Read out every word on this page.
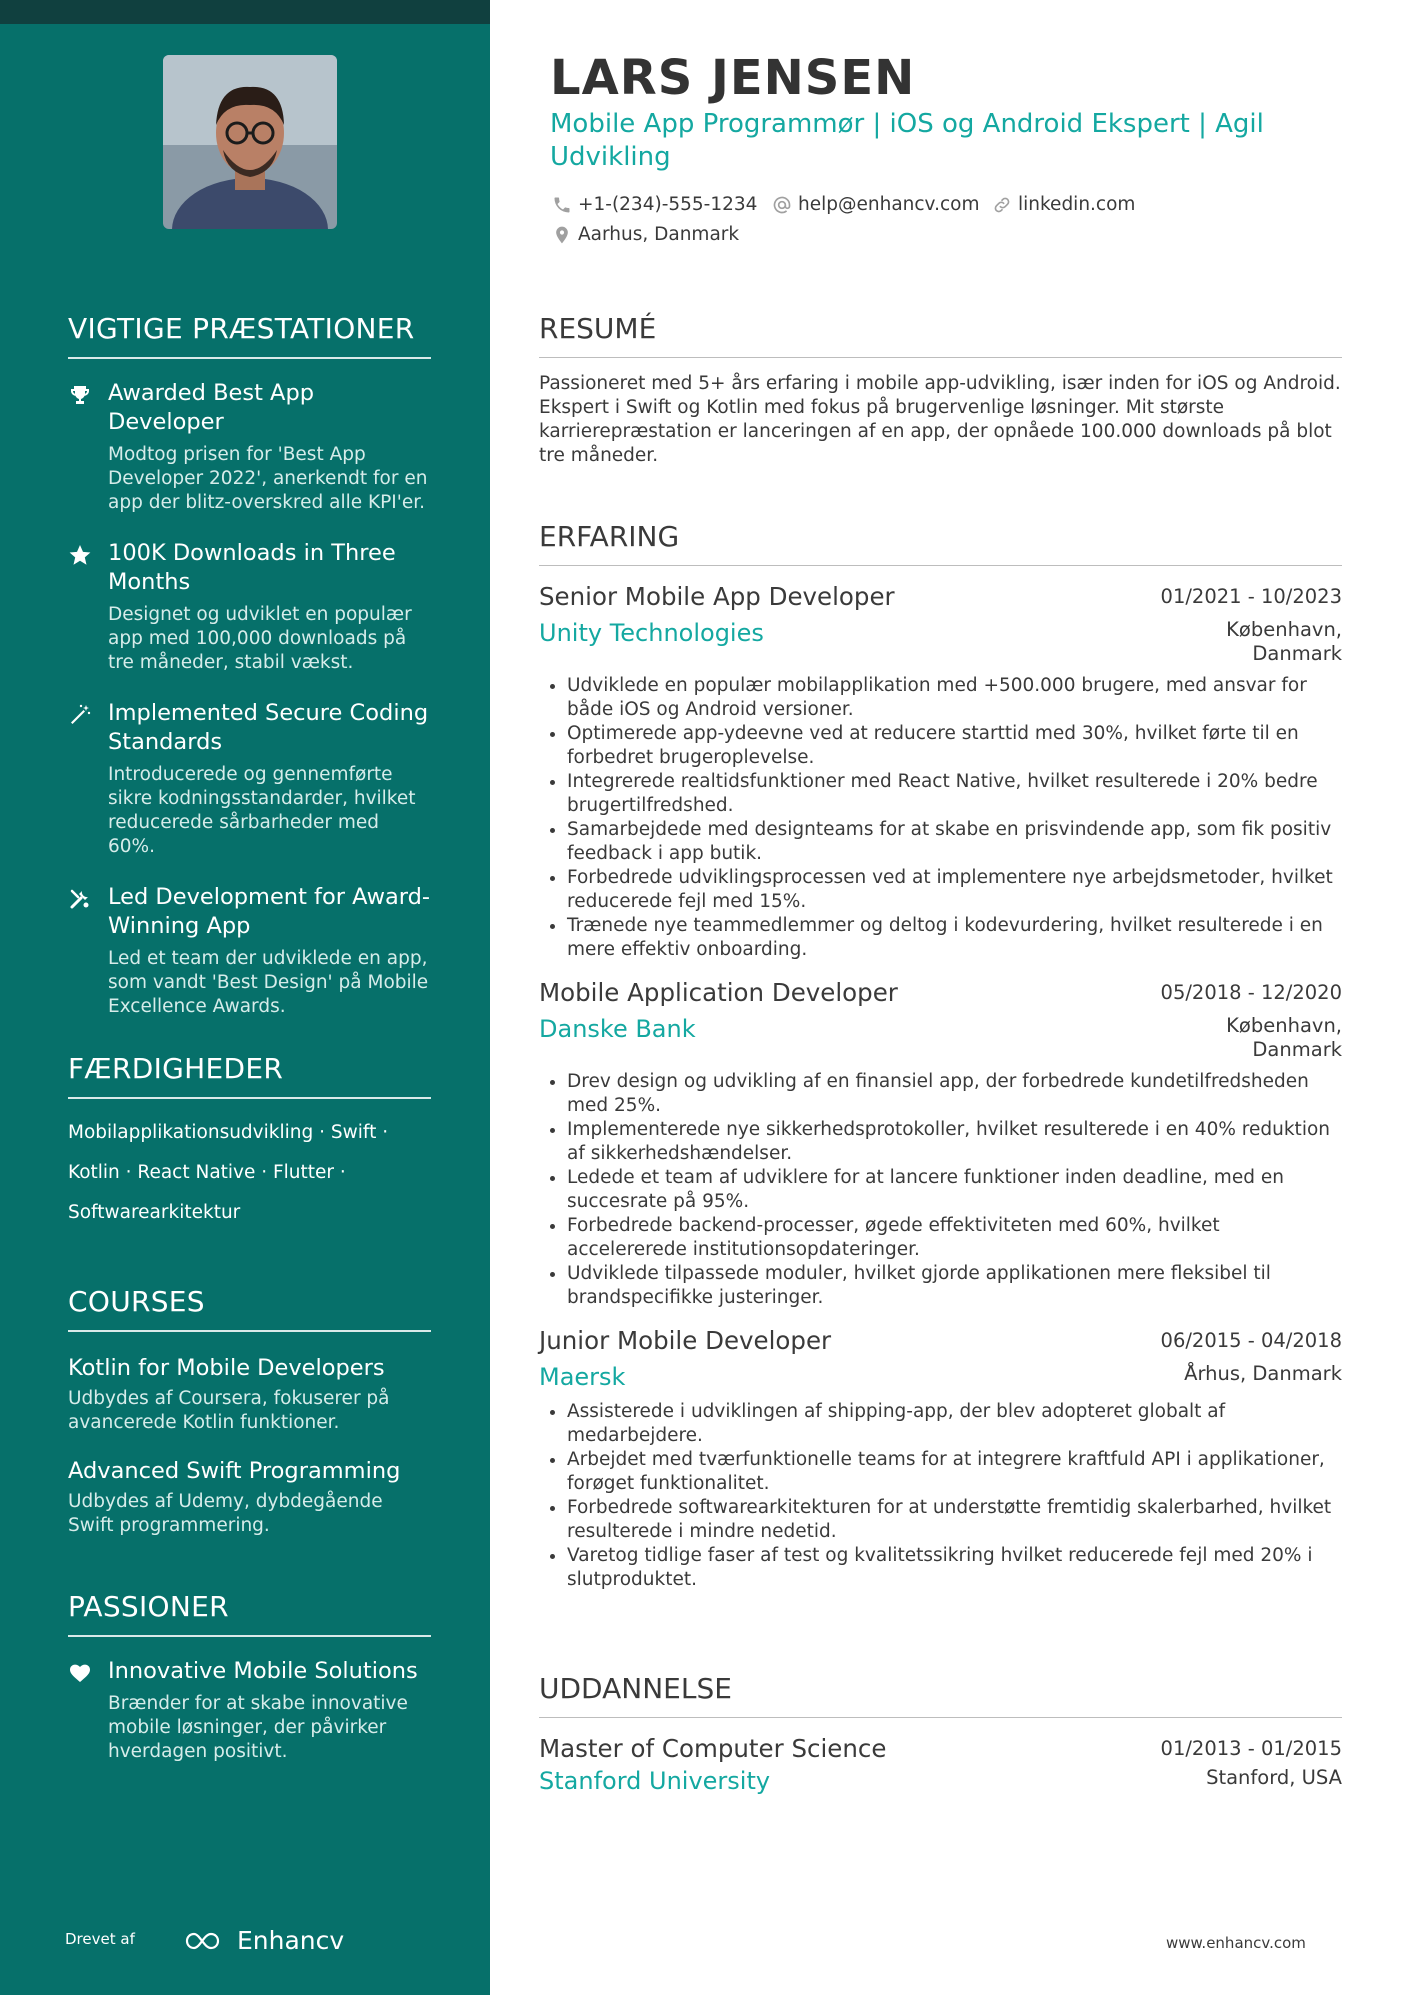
VIGTIGE PRÆSTATIONER
Awarded Best App Developer
Modtog prisen for 'Best App Developer 2022', anerkendt for en app der blitz-overskred alle KPI'er.
100K Downloads in Three Months
Designet og udviklet en populær app med 100,000 downloads på tre måneder, stabil vækst.
Implemented Secure Coding Standards
Introducerede og gennemførte sikre kodningsstandarder, hvilket reducerede sårbarheder med 60%.
Led Development for Award-Winning App
Led et team der udviklede en app, som vandt 'Best Design' på Mobile Excellence Awards.
FÆRDIGHEDER
Mobilapplikationsudvikling · Swift ·
Kotlin · React Native · Flutter ·
Softwarearkitektur
COURSES
Kotlin for Mobile Developers
Udbydes af Coursera, fokuserer på avancerede Kotlin funktioner.
Advanced Swift Programming
Udbydes af Udemy, dybdegående Swift programmering.
PASSIONER
Innovative Mobile Solutions
Brænder for at skabe innovative mobile løsninger, der påvirker hverdagen positivt.
Drevet af	Enhancv
LARS JENSEN
Mobile App Programmør | iOS og Android Ekspert | Agil Udvikling
+1-(234)-555-1234 help@enhancv.com linkedin.com
Aarhus, Danmark
RESUMÉ
Passioneret med 5+ års erfaring i mobile app-udvikling, især inden for iOS og Android. Ekspert i Swift og Kotlin med fokus på brugervenlige løsninger. Mit største karrierepræstation er lanceringen af en app, der opnåede 100.000 downloads på blot tre måneder.
ERFARING
Senior Mobile App Developer	01/2021 - 10/2023
Unity Technologies	København, Danmark
• Udviklede en populær mobilapplikation med +500.000 brugere, med ansvar for både iOS og Android versioner.
• Optimerede app-ydeevne ved at reducere starttid med 30%, hvilket førte til en forbedret brugeroplevelse.
• Integrerede realtidsfunktioner med React Native, hvilket resulterede i 20% bedre brugertilfredshed.
• Samarbejdede med designteams for at skabe en prisvindende app, som fik positiv feedback i app butik.
• Forbedrede udviklingsprocessen ved at implementere nye arbejdsmetoder, hvilket reducerede fejl med 15%.
• Trænede nye teammedlemmer og deltog i kodevurdering, hvilket resulterede i en mere effektiv onboarding.
Mobile Application Developer	05/2018 - 12/2020
Danske Bank	København, Danmark
• Drev design og udvikling af en finansiel app, der forbedrede kundetilfredsheden med 25%.
• Implementerede nye sikkerhedsprotokoller, hvilket resulterede i en 40% reduktion af sikkerhedshændelser.
• Ledede et team af udviklere for at lancere funktioner inden deadline, med en succesrate på 95%.
• Forbedrede backend-processer, øgede effektiviteten med 60%, hvilket accelererede institutionsopdateringer.
• Udviklede tilpassede moduler, hvilket gjorde applikationen mere fleksibel til brandspecifikke justeringer.
Junior Mobile Developer	06/2015 - 04/2018
Maersk	Århus, Danmark
• Assisterede i udviklingen af shipping-app, der blev adopteret globalt af medarbejdere.
• Arbejdet med tværfunktionelle teams for at integrere kraftfuld API i applikationer, forøget funktionalitet.
• Forbedrede softwarearkitekturen for at understøtte fremtidig skalerbarhed, hvilket resulterede i mindre nedetid.
• Varetog tidlige faser af test og kvalitetssikring hvilket reducerede fejl med 20% i slutproduktet.
UDDANNELSE
Master of Computer Science	01/2013 - 01/2015
Stanford University	Stanford, USA
www.enhancv.com
